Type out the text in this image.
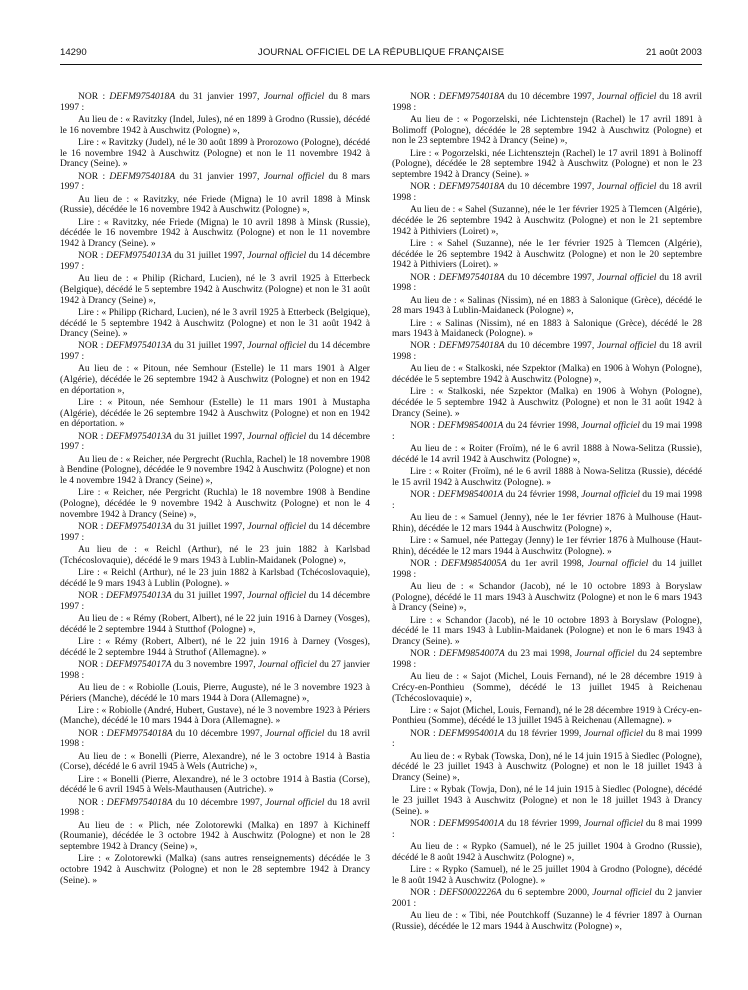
14290	JOURNAL OFFICIEL DE LA RÉPUBLIQUE FRANÇAISE	21 août 2003

NOR : DEFM9754018A du 31 janvier 1997, Journal officiel du 8 mars 1997 :

Au lieu de : « Ravitzky (Indel, Jules), né en 1899 à Grodno (Russie), décédé le 16 novembre 1942 à Auschwitz (Pologne) »,

Lire : « Ravitzky (Judel), né le 30 août 1899 à Prorozowo (Pologne), décédé le 16 novembre 1942 à Auschwitz (Pologne) et non le 11 novembre 1942 à Drancy (Seine). »

NOR : DEFM9754018A du 31 janvier 1997, Journal officiel du 8 mars 1997 :

Au lieu de : « Ravitzky, née Friede (Migna) le 10 avril 1898 à Minsk (Russie), décédée le 16 novembre 1942 à Auschwitz (Pologne) »,

Lire : « Ravitzky, née Friede (Migna) le 10 avril 1898 à Minsk (Russie), décédée le 16 novembre 1942 à Auschwitz (Pologne) et non le 11 novembre 1942 à Drancy (Seine). »

NOR : DEFM9754013A du 31 juillet 1997, Journal officiel du 14 décembre 1997 :

Au lieu de : « Philip (Richard, Lucien), né le 3 avril 1925 à Etterbeck (Belgique), décédé le 5 septembre 1942 à Auschwitz (Pologne) et non le 31 août 1942 à Drancy (Seine) »,

Lire : « Philipp (Richard, Lucien), né le 3 avril 1925 à Etterbeck (Belgique), décédé le 5 septembre 1942 à Auschwitz (Pologne) et non le 31 août 1942 à Drancy (Seine). »

NOR : DEFM9754013A du 31 juillet 1997, Journal officiel du 14 décembre 1997 :

Au lieu de : « Pitoun, née Semhour (Estelle) le 11 mars 1901 à Alger (Algérie), décédée le 26 septembre 1942 à Auschwitz (Pologne) et non en 1942 en déportation »,

Lire : « Pitoun, née Semhour (Estelle) le 11 mars 1901 à Mustapha (Algérie), décédée le 26 septembre 1942 à Auschwitz (Pologne) et non en 1942 en déportation. »

NOR : DEFM9754013A du 31 juillet 1997, Journal officiel du 14 décembre 1997 :

Au lieu de : « Reicher, née Pergrecht (Ruchla, Rachel) le 18 novembre 1908 à Bendine (Pologne), décédée le 9 novembre 1942 à Auschwitz (Pologne) et non le 4 novembre 1942 à Drancy (Seine) »,

Lire : « Reicher, née Pergricht (Ruchla) le 18 novembre 1908 à Bendine (Pologne), décédée le 9 novembre 1942 à Auschwitz (Pologne) et non le 4 novembre 1942 à Drancy (Seine) »,

NOR : DEFM9754013A du 31 juillet 1997, Journal officiel du 14 décembre 1997 :

Au lieu de : « Reichl (Arthur), né le 23 juin 1882 à Karlsbad (Tchécoslovaquie), décédé le 9 mars 1943 à Lublin-Maidanek (Pologne) »,

Lire : « Reichl (Arthur), né le 23 juin 1882 à Karlsbad (Tchécoslovaquie), décédé le 9 mars 1943 à Lublin (Pologne). »

NOR : DEFM9754013A du 31 juillet 1997, Journal officiel du 14 décembre 1997 :

Au lieu de : « Rémy (Robert, Albert), né le 22 juin 1916 à Darney (Vosges), décédé le 2 septembre 1944 à Stutthof (Pologne) »,

Lire : « Rémy (Robert, Albert), né le 22 juin 1916 à Darney (Vosges), décédé le 2 septembre 1944 à Struthof (Allemagne). »

NOR : DEFM9754017A du 3 novembre 1997, Journal officiel du 27 janvier 1998 :

Au lieu de : « Robiolle (Louis, Pierre, Auguste), né le 3 novembre 1923 à Périers (Manche), décédé le 10 mars 1944 à Dora (Allemagne) »,

Lire : « Robiolle (André, Hubert, Gustave), né le 3 novembre 1923 à Périers (Manche), décédé le 10 mars 1944 à Dora (Allemagne). »

NOR : DEFM9754018A du 10 décembre 1997, Journal officiel du 18 avril 1998 :

Au lieu de : « Bonelli (Pierre, Alexandre), né le 3 octobre 1914 à Bastia (Corse), décédé le 6 avril 1945 à Wels (Autriche) »,

Lire : « Bonelli (Pierre, Alexandre), né le 3 octobre 1914 à Bastia (Corse), décédé le 6 avril 1945 à Wels-Mauthausen (Autriche). »

NOR : DEFM9754018A du 10 décembre 1997, Journal officiel du 18 avril 1998 :

Au lieu de : « Plich, née Zolotorewki (Malka) en 1897 à Kichineff (Roumanie), décédée le 3 octobre 1942 à Auschwitz (Pologne) et non le 28 septembre 1942 à Drancy (Seine) »,

Lire : « Zolotorewki (Malka) (sans autres renseignements) décédée le 3 octobre 1942 à Auschwitz (Pologne) et non le 28 septembre 1942 à Drancy (Seine). »

NOR : DEFM9754018A du 10 décembre 1997, Journal officiel du 18 avril 1998 :

Au lieu de : « Pogorzelski, née Lichtenstejn (Rachel) le 17 avril 1891 à Bolimoff (Pologne), décédée le 28 septembre 1942 à Auschwitz (Pologne) et non le 23 septembre 1942 à Drancy (Seine) »,

Lire : « Pogorzelski, née Lichtensztejn (Rachel) le 17 avril 1891 à Bolinoff (Pologne), décédée le 28 septembre 1942 à Auschwitz (Pologne) et non le 23 septembre 1942 à Drancy (Seine). »

NOR : DEFM9754018A du 10 décembre 1997, Journal officiel du 18 avril 1998 :

Au lieu de : « Sahel (Suzanne), née le 1er février 1925 à Tlemcen (Algérie), décédée le 26 septembre 1942 à Auschwitz (Pologne) et non le 21 septembre 1942 à Pithiviers (Loiret) »,

Lire : « Sahel (Suzanne), née le 1er février 1925 à Tlemcen (Algérie), décédée le 26 septembre 1942 à Auschwitz (Pologne) et non le 20 septembre 1942 à Pithiviers (Loiret). »

NOR : DEFM9754018A du 10 décembre 1997, Journal officiel du 18 avril 1998 :

Au lieu de : « Salinas (Nissim), né en 1883 à Salonique (Grèce), décédé le 28 mars 1943 à Lublin-Maidaneck (Pologne) »,

Lire : « Salinas (Nissim), né en 1883 à Salonique (Grèce), décédé le 28 mars 1943 à Maidaneck (Pologne). »

NOR : DEFM9754018A du 10 décembre 1997, Journal officiel du 18 avril 1998 :

Au lieu de : « Stalkoski, née Szpektor (Malka) en 1906 à Wohyn (Pologne), décédée le 5 septembre 1942 à Auschwitz (Pologne) »,

Lire : « Stalkoski, née Szpektor (Malka) en 1906 à Wohyn (Pologne), décédée le 5 septembre 1942 à Auschwitz (Pologne) et non le 31 août 1942 à Drancy (Seine). »

NOR : DEFM9854001A du 24 février 1998, Journal officiel du 19 mai 1998 :

Au lieu de : « Roiter (Froïm), né le 6 avril 1888 à Nowa-Selitza (Russie), décédé le 14 avril 1942 à Auschwitz (Pologne) »,

Lire : « Roiter (Froïm), né le 6 avril 1888 à Nowa-Selitza (Russie), décédé le 15 avril 1942 à Auschwitz (Pologne). »

NOR : DEFM9854001A du 24 février 1998, Journal officiel du 19 mai 1998 :

Au lieu de : « Samuel (Jenny), née le 1er février 1876 à Mulhouse (Haut-Rhin), décédée le 12 mars 1944 à Auschwitz (Pologne) »,

Lire : « Samuel, née Pattegay (Jenny) le 1er février 1876 à Mulhouse (Haut-Rhin), décédée le 12 mars 1944 à Auschwitz (Pologne). »

NOR : DEFM9854005A du 1er avril 1998, Journal officiel du 14 juillet 1998 :

Au lieu de : « Schandor (Jacob), né le 10 octobre 1893 à Boryslaw (Pologne), décédé le 11 mars 1943 à Auschwitz (Pologne) et non le 6 mars 1943 à Drancy (Seine) »,

Lire : « Schandor (Jacob), né le 10 octobre 1893 à Boryslaw (Pologne), décédé le 11 mars 1943 à Lublin-Maidanek (Pologne) et non le 6 mars 1943 à Drancy (Seine). »

NOR : DEFM9854007A du 23 mai 1998, Journal officiel du 24 septembre 1998 :

Au lieu de : « Sajot (Michel, Louis Fernand), né le 28 décembre 1919 à Crécy-en-Ponthieu (Somme), décédé le 13 juillet 1945 à Reichenau (Tchécoslovaquie) »,

Lire : « Sajot (Michel, Louis, Fernand), né le 28 décembre 1919 à Crécy-en-Ponthieu (Somme), décédé le 13 juillet 1945 à Reichenau (Allemagne). »

NOR : DEFM9954001A du 18 février 1999, Journal officiel du 8 mai 1999 :

Au lieu de : « Rybak (Towska, Don), né le 14 juin 1915 à Siedlec (Pologne), décédé le 23 juillet 1943 à Auschwitz (Pologne) et non le 18 juillet 1943 à Drancy (Seine) »,

Lire : « Rybak (Towja, Don), né le 14 juin 1915 à Siedlec (Pologne), décédé le 23 juillet 1943 à Auschwitz (Pologne) et non le 18 juillet 1943 à Drancy (Seine). »

NOR : DEFM9954001A du 18 février 1999, Journal officiel du 8 mai 1999 :

Au lieu de : « Rypko (Samuel), né le 25 juillet 1904 à Grodno (Russie), décédé le 8 août 1942 à Auschwitz (Pologne) »,

Lire : « Rypko (Samuel), né le 25 juillet 1904 à Grodno (Pologne), décédé le 8 août 1942 à Auschwitz (Pologne). »

NOR : DEFS0002226A du 6 septembre 2000, Journal officiel du 2 janvier 2001 :

Au lieu de : « Tibi, née Poutchkoff (Suzanne) le 4 février 1897 à Ournan (Russie), décédée le 12 mars 1944 à Auschwitz (Pologne) »,
